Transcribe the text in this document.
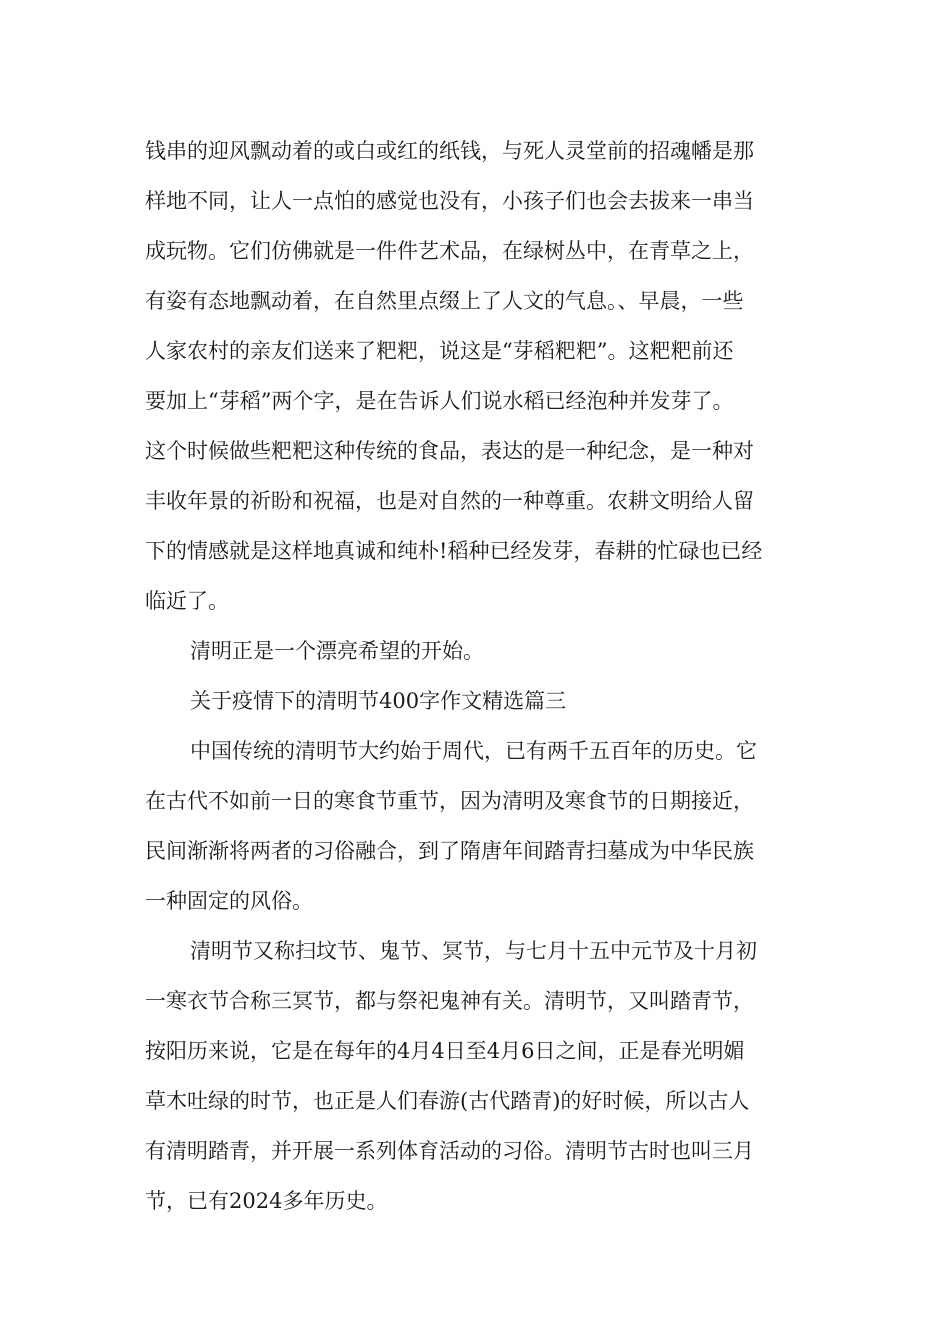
钱串的迎风飘动着的或白或红的纸钱，与死人灵堂前的招魂幡是那
样地不同，让人一点怕的感觉也没有，小孩子们也会去拔来一串当
成玩物。它们仿佛就是一件件艺术品，在绿树丛中，在青草之上，
有姿有态地飘动着，在自然里点缀上了人文的气息。、早晨，一些
人家农村的亲友们送来了粑粑，说这是“芽稻粑粑”。这粑粑前还
要加上“芽稻”两个字，是在告诉人们说水稻已经泡种并发芽了。
这个时候做些粑粑这种传统的食品，表达的是一种纪念，是一种对
丰收年景的祈盼和祝福，也是对自然的一种尊重。农耕文明给人留
下的情感就是这样地真诚和纯朴!稻种已经发芽，春耕的忙碌也已经
临近了。
清明正是一个漂亮希望的开始。
关于疫情下的清明节400字作文精选篇三
中国传统的清明节大约始于周代，已有两千五百年的历史。它
在古代不如前一日的寒食节重节，因为清明及寒食节的日期接近，
民间渐渐将两者的习俗融合，到了隋唐年间踏青扫墓成为中华民族
一种固定的风俗。
清明节又称扫坟节、鬼节、冥节，与七月十五中元节及十月初
一寒衣节合称三冥节，都与祭祀鬼神有关。清明节，又叫踏青节，
按阳历来说，它是在每年的4月4日至4月6日之间，正是春光明媚
草木吐绿的时节，也正是人们春游(古代踏青)的好时候，所以古人
有清明踏青，并开展一系列体育活动的习俗。清明节古时也叫三月
节，已有2024多年历史。
